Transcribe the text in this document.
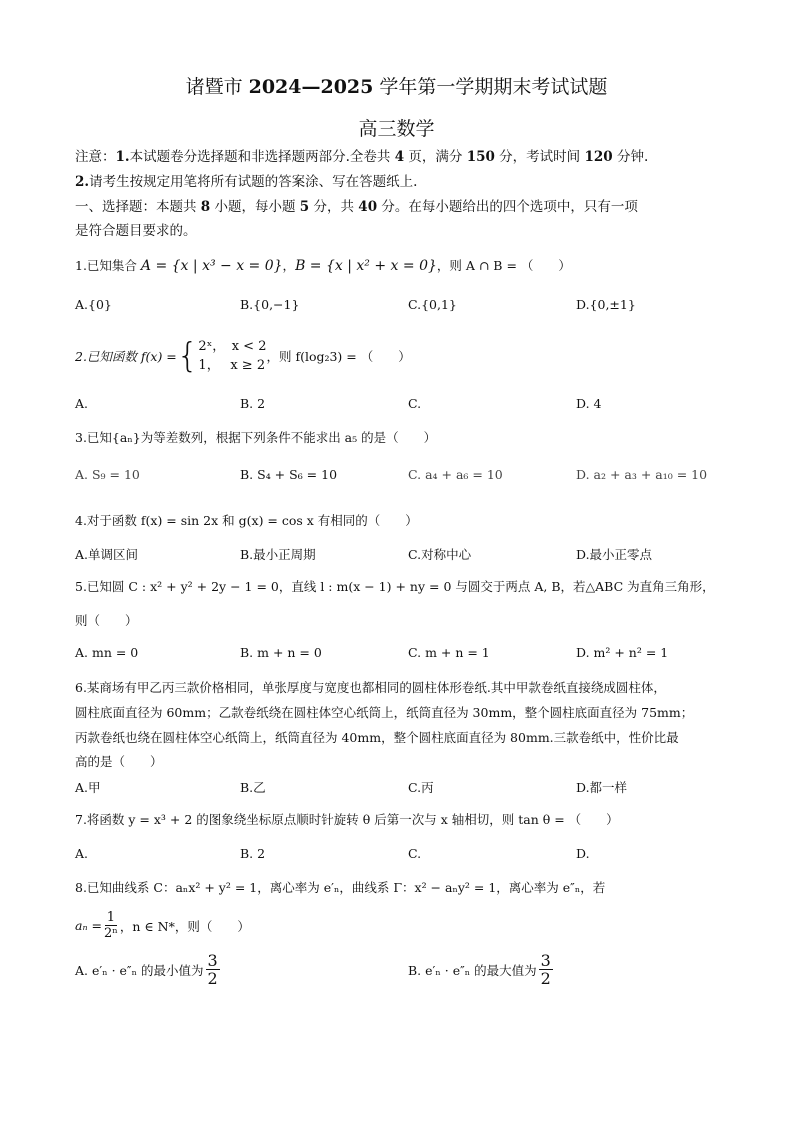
诸暨市 2024—2025 学年第一学期期末考试试题
高三数学
注意：1.本试题卷分选择题和非选择题两部分.全卷共 4 页，满分 150 分，考试时间 120 分钟.
2.请考生按规定用笔将所有试题的答案涂、写在答题纸上.
一、选择题：本题共 8 小题，每小题 5 分，共 40 分。在每小题给出的四个选项中，只有一项
是符合题目要求的。
1.已知集合 A = {x | x³ − x = 0}，B = {x | x² + x = 0}，则 A ∩ B = （　　）
A.{0}	B.{0,−1}	C.{0,1}	D.{0,±1}
2.已知函数 f(x) = { 2ˣ，　x < 2
1，　 x ≥ 2
，则 f(log₂3) = （　　）
A.	B. 2	C.	D. 4
3.已知{aₙ}为等差数列，根据下列条件不能求出 a₅ 的是（　　）
A. S₉ = 10	B. S₄ + S₆ = 10	C. a₄ + a₆ = 10	D. a₂ + a₃ + a₁₀ = 10
4.对于函数 f(x) = sin 2x 和 g(x) = cos x 有相同的（　　）
A.单调区间	B.最小正周期	C.对称中心	D.最小正零点
5.已知圆 C : x² + y² + 2y − 1 = 0，直线 l : m(x − 1) + ny = 0 与圆交于两点 A, B，若△ABC 为直角三角形，
则（　　）
A. mn = 0	B. m + n = 0	C. m + n = 1	D. m² + n² = 1
6.某商场有甲乙丙三款价格相同，单张厚度与宽度也都相同的圆柱体形卷纸.其中甲款卷纸直接绕成圆柱体，
圆柱底面直径为 60mm；乙款卷纸绕在圆柱体空心纸筒上，纸筒直径为 30mm，整个圆柱底面直径为 75mm；
丙款卷纸也绕在圆柱体空心纸筒上，纸筒直径为 40mm，整个圆柱底面直径为 80mm.三款卷纸中，性价比最
高的是（　　）
A.甲	B.乙	C.丙	D.都一样
7.将函数 y = x³ + 2 的图象绕坐标原点顺时针旋转 θ 后第一次与 x 轴相切，则 tan θ = （　　）
A.	B. 2	C.	D.
8.已知曲线系 C：aₙx² + y² = 1，离心率为 e′ₙ，曲线系 Γ：x² − aₙy² = 1，离心率为 e″ₙ，若
$a_n = \frac{1}{\text{2ⁿ}}$ ，n ∈ N*，则（　　）
A. e′ₙ · e″ₙ 的最小值为 $\frac{3}{2}$	B. e′ₙ · e″ₙ 的最大值为 $\frac{3}{2}$
